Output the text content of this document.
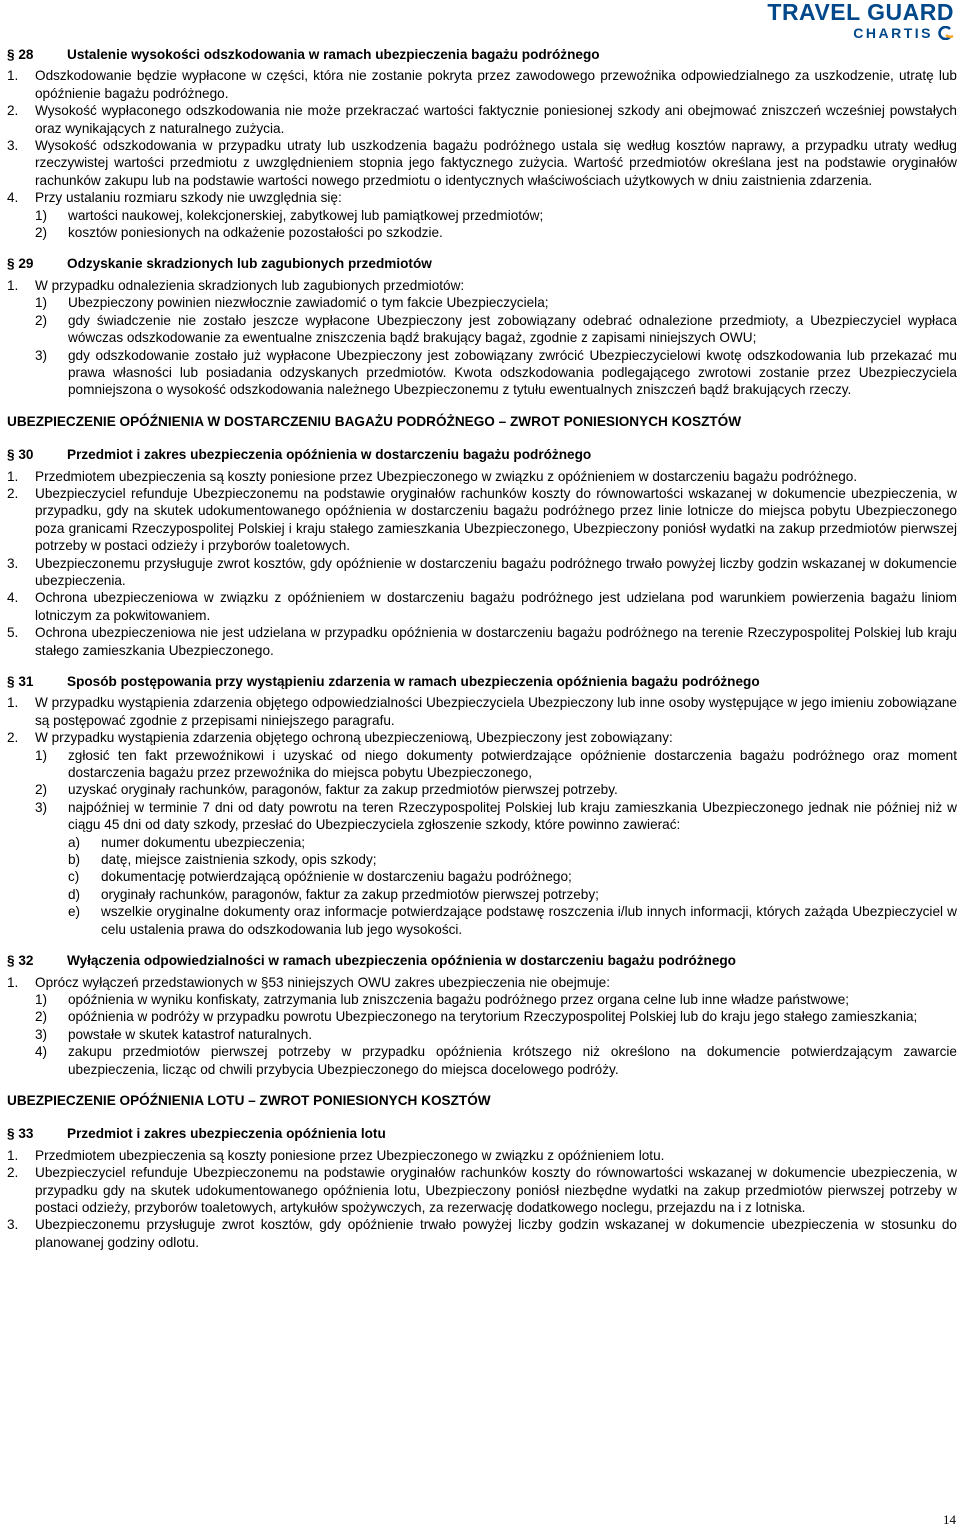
TRAVEL GUARD
CHARTIS
§ 28	Ustalenie wysokości odszkodowania w ramach ubezpieczenia bagażu podróżnego
1.	Odszkodowanie będzie wypłacone w części, która nie zostanie pokryta przez zawodowego przewoźnika odpowiedzialnego za uszkodzenie, utratę lub opóźnienie bagażu podróżnego.
2.	Wysokość wypłaconego odszkodowania nie może przekraczać wartości faktycznie poniesionej szkody ani obejmować zniszczeń wcześniej powstałych oraz wynikających z naturalnego zużycia.
3.	Wysokość odszkodowania w przypadku utraty lub uszkodzenia bagażu podróżnego ustala się według kosztów naprawy, a przypadku utraty według rzeczywistej wartości przedmiotu z uwzględnieniem stopnia jego faktycznego zużycia. Wartość przedmiotów określana jest na podstawie oryginałów rachunków zakupu lub na podstawie wartości nowego przedmiotu o identycznych właściwościach użytkowych w dniu zaistnienia zdarzenia.
4.	Przy ustalaniu rozmiaru szkody nie uwzględnia się:
1)	wartości naukowej, kolekcjonerskiej, zabytkowej lub pamiątkowej przedmiotów;
2)	kosztów poniesionych na odkażenie pozostałości po szkodzie.
§ 29	Odzyskanie skradzionych lub zagubionych przedmiotów
1.	W przypadku odnalezienia skradzionych lub zagubionych przedmiotów:
1)	Ubezpieczony powinien niezwłocznie zawiadomić o tym fakcie Ubezpieczyciela;
2)	gdy świadczenie nie zostało jeszcze wypłacone Ubezpieczony jest zobowiązany odebrać odnalezione przedmioty, a Ubezpieczyciel wypłaca wówczas odszkodowanie za ewentualne zniszczenia bądź brakujący bagaż, zgodnie z zapisami niniejszych OWU;
3)	gdy odszkodowanie zostało już wypłacone Ubezpieczony jest zobowiązany zwrócić Ubezpieczycielowi kwotę odszkodowania lub przekazać mu prawa własności lub posiadania odzyskanych przedmiotów. Kwota odszkodowania podlegającego zwrotowi zostanie przez Ubezpieczyciela pomniejszona o wysokość odszkodowania należnego Ubezpieczonemu z tytułu ewentualnych zniszczeń bądź brakujących rzeczy.
UBEZPIECZENIE OPÓŹNIENIA W DOSTARCZENIU BAGAŻU PODRÓŻNEGO – ZWROT PONIESIONYCH KOSZTÓW
§ 30	Przedmiot i zakres ubezpieczenia opóźnienia w dostarczeniu bagażu podróżnego
1.	Przedmiotem ubezpieczenia są koszty poniesione przez Ubezpieczonego w związku z opóźnieniem w dostarczeniu bagażu podróżnego.
2.	Ubezpieczyciel refunduje Ubezpieczonemu na podstawie oryginałów rachunków koszty do równowartości wskazanej w dokumencie ubezpieczenia, w przypadku, gdy na skutek udokumentowanego opóźnienia w dostarczeniu bagażu podróżnego przez linie lotnicze do miejsca pobytu Ubezpieczonego poza granicami Rzeczypospolitej Polskiej i kraju stałego zamieszkania Ubezpieczonego, Ubezpieczony poniósł wydatki na zakup przedmiotów pierwszej potrzeby w postaci odzieży i przyborów toaletowych.
3.	Ubezpieczonemu przysługuje zwrot kosztów, gdy opóźnienie w dostarczeniu bagażu podróżnego trwało powyżej liczby godzin wskazanej w dokumencie ubezpieczenia.
4.	Ochrona ubezpieczeniowa w związku z opóźnieniem w dostarczeniu bagażu podróżnego jest udzielana pod warunkiem powierzenia bagażu liniom lotniczym za pokwitowaniem.
5.	Ochrona ubezpieczeniowa nie jest udzielana w przypadku opóźnienia w dostarczeniu bagażu podróżnego na terenie Rzeczypospolitej Polskiej lub kraju stałego zamieszkania Ubezpieczonego.
§ 31	Sposób postępowania przy wystąpieniu zdarzenia w ramach ubezpieczenia opóźnienia bagażu podróżnego
1.	W przypadku wystąpienia zdarzenia objętego odpowiedzialności Ubezpieczyciela Ubezpieczony lub inne osoby występujące w jego imieniu zobowiązane są postępować zgodnie z przepisami niniejszego paragrafu.
2.	W przypadku wystąpienia zdarzenia objętego ochroną ubezpieczeniową, Ubezpieczony jest zobowiązany:
1)	zgłosić ten fakt przewoźnikowi i uzyskać od niego dokumenty potwierdzające opóźnienie dostarczenia bagażu podróżnego oraz moment dostarczenia bagażu przez przewoźnika do miejsca pobytu Ubezpieczonego,
2)	uzyskać oryginały rachunków, paragonów, faktur za zakup przedmiotów pierwszej potrzeby.
3)	najpóźniej w terminie 7 dni od daty powrotu na teren Rzeczypospolitej Polskiej lub kraju zamieszkania Ubezpieczonego jednak nie później niż w ciągu 45 dni od daty szkody, przesłać do Ubezpieczyciela zgłoszenie szkody, które powinno zawierać:
a)	numer dokumentu ubezpieczenia;
b)	datę, miejsce zaistnienia szkody, opis szkody;
c)	dokumentację potwierdzającą opóźnienie w dostarczeniu bagażu podróżnego;
d)	oryginały rachunków, paragonów, faktur za zakup przedmiotów pierwszej potrzeby;
e)	wszelkie oryginalne dokumenty oraz informacje potwierdzające podstawę roszczenia i/lub innych informacji, których zażąda Ubezpieczyciel w celu ustalenia prawa do odszkodowania lub jego wysokości.
§ 32	Wyłączenia odpowiedzialności w ramach ubezpieczenia opóźnienia w dostarczeniu bagażu podróżnego
1.	Oprócz wyłączeń przedstawionych w §53 niniejszych OWU zakres ubezpieczenia nie obejmuje:
1)	opóźnienia w wyniku konfiskaty, zatrzymania lub zniszczenia bagażu podróżnego przez organa celne lub inne władze państwowe;
2)	opóźnienia w podróży w przypadku powrotu Ubezpieczonego na terytorium Rzeczypospolitej Polskiej lub do kraju jego stałego zamieszkania;
3)	powstałe w skutek katastrof naturalnych.
4)	zakupu przedmiotów pierwszej potrzeby w przypadku opóźnienia krótszego niż określono na dokumencie potwierdzającym zawarcie ubezpieczenia, licząc od chwili przybycia Ubezpieczonego do miejsca docelowego podróży.
UBEZPIECZENIE OPÓŹNIENIA LOTU – ZWROT PONIESIONYCH KOSZTÓW
§ 33	Przedmiot i zakres ubezpieczenia opóźnienia lotu
1.	Przedmiotem ubezpieczenia są koszty poniesione przez Ubezpieczonego w związku z opóźnieniem lotu.
2.	Ubezpieczyciel refunduje Ubezpieczonemu na podstawie oryginałów rachunków koszty do równowartości wskazanej w dokumencie ubezpieczenia, w przypadku gdy na skutek udokumentowanego opóźnienia lotu, Ubezpieczony poniósł niezbędne wydatki na zakup przedmiotów pierwszej potrzeby w postaci odzieży, przyborów toaletowych, artykułów spożywczych, za rezerwację dodatkowego noclegu, przejazdu na i z lotniska.
3.	Ubezpieczonemu przysługuje zwrot kosztów, gdy opóźnienie trwało powyżej liczby godzin wskazanej w dokumencie ubezpieczenia w stosunku do planowanej godziny odlotu.
14
